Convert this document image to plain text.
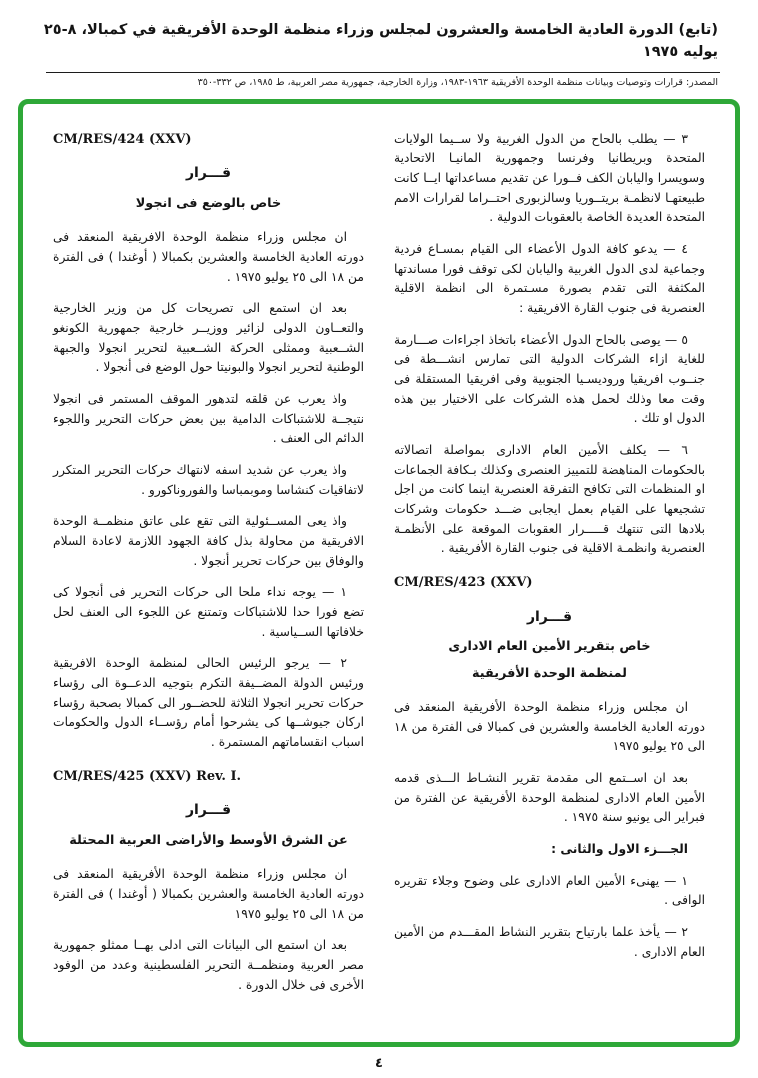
(تابع) الدورة العادية الخامسة والعشرون لمجلس وزراء منظمة الوحدة الأفريقية في كمبالا، ٨-٢٥ يوليه ١٩٧٥
المصدر: قرارات وتوصيات وبيانات منظمة الوحدة الأفريقية ١٩٦٣-١٩٨٣، وزارة الخارجية، جمهورية مصر العربية، ط ١٩٨٥، ص ٣٣٢-٣٥٠
٣ — يطلب بالحاح من الدول الغربية ولا ســيما الولايات المتحدة وبريطانيا وفرنسا وجمهورية المانيـا الاتحادية وسويسرا واليابان الكف فــورا عن تقديم مساعداتها ايــا كانت طبيعتهـا لانظمـة بريتــوريا وسالزبورى احتــراما لقرارات الامم المتحدة العديدة الخاصة بالعقوبات الدولية .
٤ — يدعو كافة الدول الأعضاء الى القيام بمسـاع فردية وجماعية لدى الدول الغربية واليابان لكى توقف فورا مساندتها المكثفة التى تقدم بصورة مسـتمرة الى انظمة الاقلية العنصرية فى جنوب القارة الافريقية :
٥ — يوصى بالحاح الدول الأعضاء باتخاذ اجراءات صـــارمة للغاية ازاء الشركات الدولية التى تمارس انشـــطة فى جنــوب افريقيا وروديسـيا الجنوبية وفى افريقيا المستقلة فى وقت معا وذلك لحمل هذه الشركات على الاختيار بين هذه الدول او تلك .
٦ — يكلف الأمين العام الادارى بمواصلة اتصالاته بالحكومات المناهضة للتمييز العنصرى وكذلك بـكافة الجماعات او المنظمات التى تكافح التفرقة العنصرية اينما كانت من اجل تشجيعها على القيام بعمل ايجابى ضـــد حكومات وشركات بلادها التى تنتهك قـــــرار العقوبات الموقعة على الأنظمـة العنصرية وانظمـة الاقلية فى جنوب القارة الأفريقية .
CM/RES/423 (XXV)
قـــرار
خاص بتقرير الأمين العام الادارى
لمنظمة الوحدة الأفريقية
ان مجلس وزراء منظمة الوحدة الأفريقية المنعقد فى دورته العادية الخامسة والعشرين فى كمبالا فى الفترة من ١٨ الى ٢٥ يوليو ١٩٧٥
بعد ان اســتمع الى مقدمة تقرير النشـاط الـــذى قدمه الأمين العام الادارى لمنظمة الوحدة الأفريقية عن الفترة من فبراير الى يونيو سنة ١٩٧٥ .
الجـــزء الاول والثانى :
١ — يهنىء الأمين العام الادارى على وضوح وجلاء تقريره الوافى .
٢ — يأخذ علما بارتياح بتقرير النشاط المقـــدم من الأمين العام الادارى .
CM/RES/424 (XXV)
قـــرار
خاص بالوضع فى انجولا
ان مجلس وزراء منظمة الوحدة الافريقية المنعقد فى دورته العادية الخامسة والعشرين بكمبالا ( أوغندا ) فى الفترة من ١٨ الى ٢٥ يوليو ١٩٧٥ .
بعد ان استمع الى تصريحات كل من وزير الخارجية والتعــاون الدولى لزائير ووزيــر خارجية جمهورية الكونغو الشــعبية وممثلى الحركة الشــعبية لتحرير انجولا والجبهة الوطنية لتحرير انجولا والبونيتا حول الوضع فى أنجولا .
واذ يعرب عن قلقه لتدهور الموقف المستمر فى انجولا نتيجــة للاشتباكات الدامية بين بعض حركات التحرير واللجوء الدائم الى العنف .
واذ يعرب عن شديد اسفه لانتهاك حركات التحرير المتكرر لاتفاقيات كنشاسا وموبمباسا والفوروناكورو .
واذ يعى المســئولية التى تقع على عاتق منظمــة الوحدة الافريقية من محاولة بذل كافة الجهود اللازمة لاعادة السلام والوفاق بين حركات تحرير أنجولا .
١ — يوجه نداء ملحا الى حركات التحرير فى أنجولا كى تضع فورا حدا للاشتباكات وتمتنع عن اللجوء الى العنف لحل خلافاتها الســياسية .
٢ — يرجو الرئيس الحالى لمنظمة الوحدة الافريقية ورئيس الدولة المضــيفة التكرم بتوجيه الدعــوة الى رؤساء حركات تحرير انجولا الثلاثة للحضــور الى كمبالا بصحبة رؤساء اركان جيوشــها كى يشرحوا أمام رؤســاء الدول والحكومات اسباب انقساماتهم المستمرة .
CM/RES/425 (XXV) Rev. I.
قـــرار
عن الشرق الأوسط والأراضى العربية المحتلة
ان مجلس وزراء منظمة الوحدة الأفريقية المنعقد فى دورته العادية الخامسة والعشرين بكمبالا ( أوغندا ) فى الفترة من ١٨ الى ٢٥ يوليو ١٩٧٥
بعد ان استمع الى البيانات التى ادلى بهــا ممثلو جمهورية مصر العربية ومنظمــة التحرير الفلسطينية وعدد من الوفود الأخرى فى خلال الدورة .
٤
